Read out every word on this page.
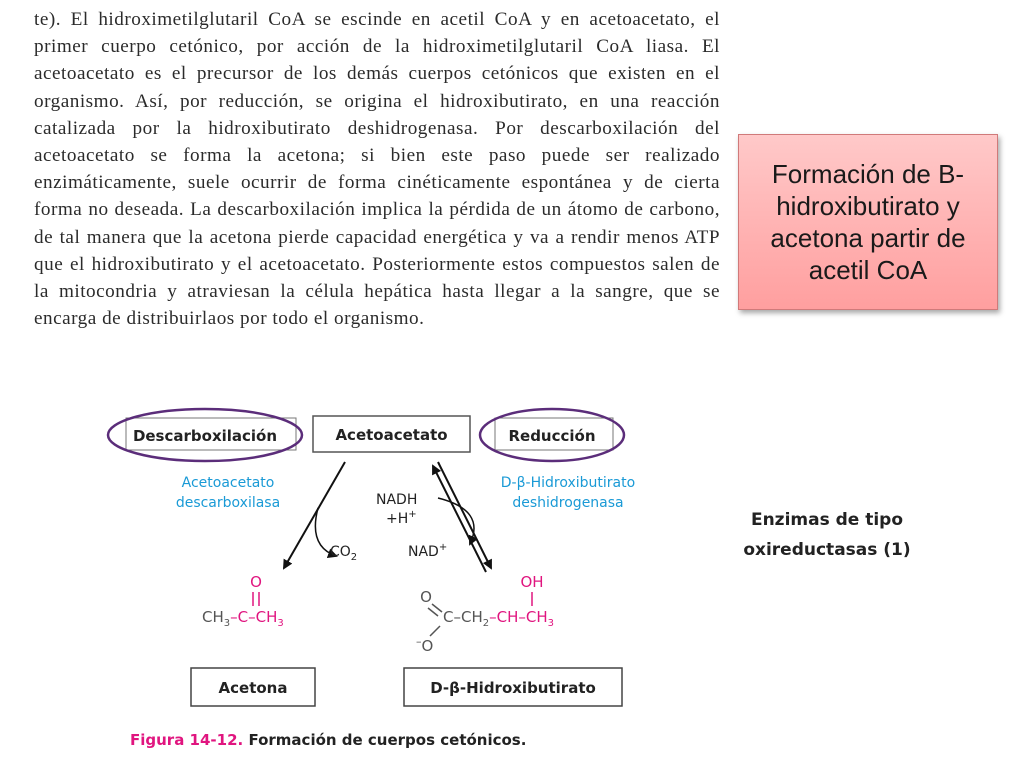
te). El hidroximetilglutaril CoA se escinde en acetil CoA y en acetoacetato, el primer cuerpo cetónico, por acción de la hidroximetilglutaril CoA liasa. El acetoacetato es el precursor de los demás cuerpos cetónicos que existen en el organismo. Así, por reducción, se origina el hidroxibutirato, en una reacción catalizada por la hidroxibutirato deshidrogenasa. Por descarboxilación del acetoacetato se forma la acetona; si bien este paso puede ser realizado enzimáticamente, suele ocurrir de forma cinéticamente espontánea y de cierta forma no deseada. La descarboxilación implica la pérdida de un átomo de carbono, de tal manera que la acetona pierde capacidad energética y va a rendir menos ATP que el hidroxibutirato y el acetoacetato. Posteriormente estos compuestos salen de la mitocondria y atraviesan la célula hepática hasta llegar a la sangre, que se encarga de distribuirlaos por todo el organismo.

Formación de B-hidroxibutirato y acetona partir de acetil CoA
Enzimas de tipo
oxireductasas (1)
Acetoacetato
Descarboxilación	Reducción
Acetoacetato
descarboxilasa
D-β-Hidroxibutirato
deshidrogenasa
$CO_2$
NADH
+H+
NAD+
O
$CH_3-C-CH_3$
OH
O
–O
$C-CH_2-CH-CH_3$
Acetona	D-β-Hidroxibutirato
Figura 14-12. Formación de cuerpos cetónicos.
